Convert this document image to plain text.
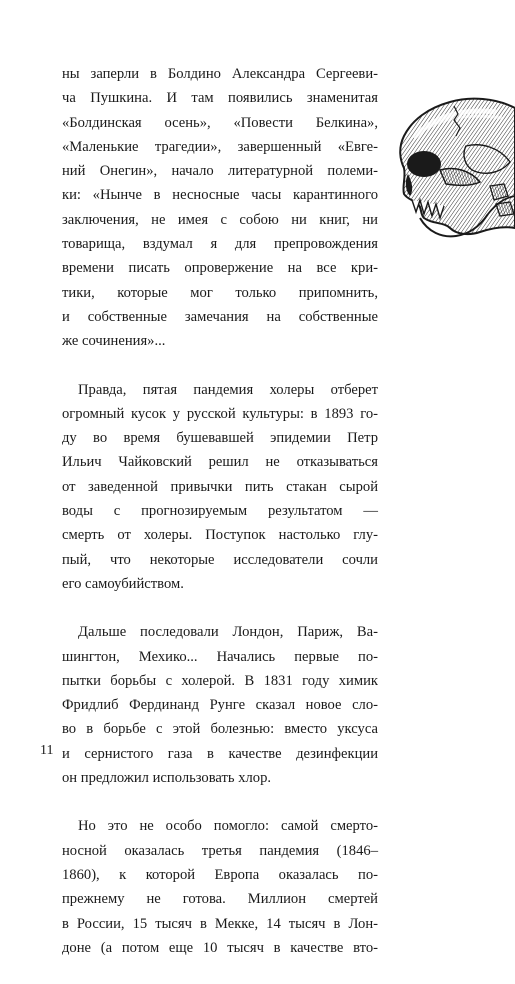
ны заперли в Болдино Александра Сергееви-
ча Пушкина. И там появились знаменитая
«Болдинская осень», «Повести Белкина»,
«Маленькие трагедии», завершенный «Евге-
ний Онегин», начало литературной полеми-
ки: «Нынче в несносные часы карантинного
заключения, не имея с собою ни книг, ни
товарища, вздумал я для препровождения
времени писать опровержение на все кри-
тики, которые мог только припомнить,
и собственные замечания на собственные
же сочинения»...

Правда, пятая пандемия холеры отберет
огромный кусок у русской культуры: в 1893 го-
ду во время бушевавшей эпидемии Петр
Ильич Чайковский решил не отказываться
от заведенной привычки пить стакан сырой
воды с прогнозируемым результатом —
смерть от холеры. Поступок настолько глу-
пый, что некоторые исследователи сочли
его самоубийством.

Дальше последовали Лондон, Париж, Ва-
шингтон, Мехико... Начались первые по-
пытки борьбы с холерой. В 1831 году химик
Фридлиб Фердинанд Рунге сказал новое сло-
во в борьбе с этой болезнью: вместо уксуса
и сернистого газа в качестве дезинфекции
он предложил использовать хлор.

Но это не особо помогло: самой смерто-
носной оказалась третья пандемия (1846–
1860), к которой Европа оказалась по-
прежнему не готова. Миллион смертей
в России, 15 тысяч в Мекке, 14 тысяч в Лон-
доне (а потом еще 10 тысяч в качестве вто-

11
